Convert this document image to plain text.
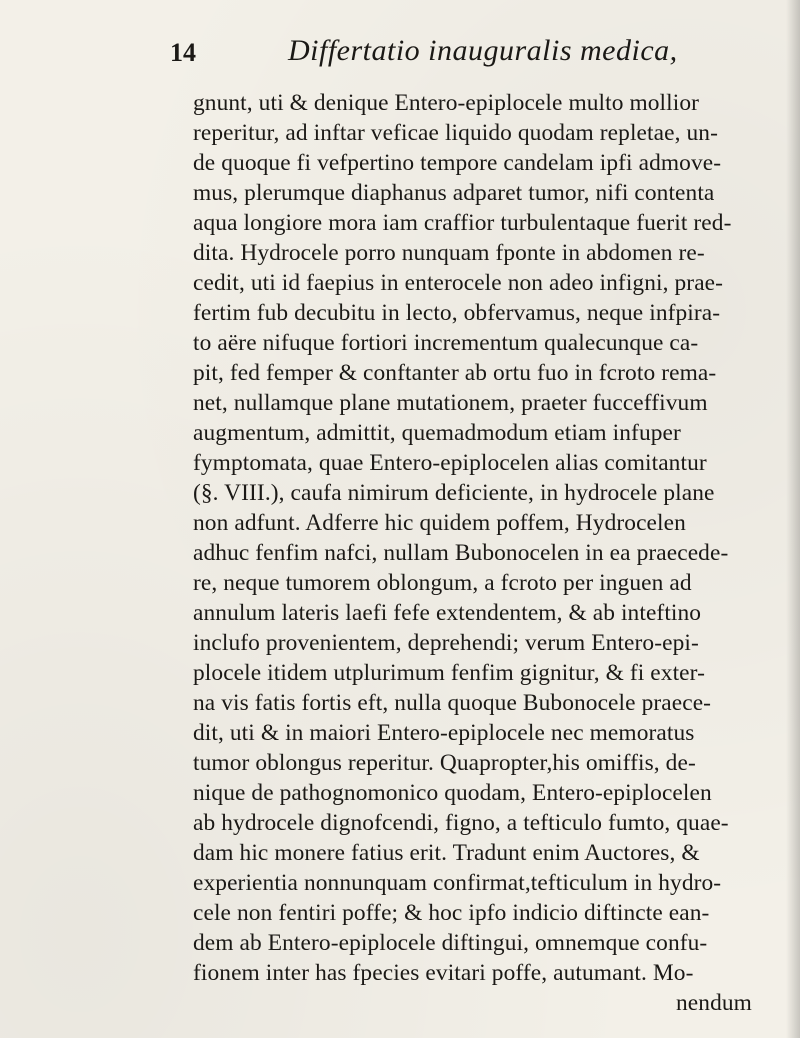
14	Differtatio inauguralis medica,
gnunt, uti & denique Entero-epiplocele multo mollior
reperitur, ad inftar veficae liquido quodam repletae, un-
de quoque fi vefpertino tempore candelam ipfi admove-
mus, plerumque diaphanus adparet tumor, nifi contenta
aqua longiore mora iam craffior turbulentaque fuerit red-
dita. Hydrocele porro nunquam fponte in abdomen re-
cedit, uti id faepius in enterocele non adeo infigni, prae-
fertim fub decubitu in lecto, obfervamus, neque infpira-
to aëre nifuque fortiori incrementum qualecunque ca-
pit, fed femper & conftanter ab ortu fuo in fcroto rema-
net, nullamque plane mutationem, praeter fucceffivum
augmentum, admittit, quemadmodum etiam infuper
fymptomata, quae Entero-epiplocelen alias comitantur
(§. VIII.), caufa nimirum deficiente, in hydrocele plane
non adfunt. Adferre hic quidem poffem, Hydrocelen
adhuc fenfim nafci, nullam Bubonocelen in ea praecede-
re, neque tumorem oblongum, a fcroto per inguen ad
annulum lateris laefi fefe extendentem, & ab inteftino
inclufo provenientem, deprehendi; verum Entero-epi-
plocele itidem utplurimum fenfim gignitur, & fi exter-
na vis fatis fortis eft, nulla quoque Bubonocele praece-
dit, uti & in maiori Entero-epiplocele nec memoratus
tumor oblongus reperitur. Quapropter,his omiffis, de-
nique de pathognomonico quodam, Entero-epiplocelen
ab hydrocele dignofcendi, figno, a tefticulo fumto, quae-
dam hic monere fatius erit. Tradunt enim Auctores, &
experientia nonnunquam confirmat,tefticulum in hydro-
cele non fentiri poffe; & hoc ipfo indicio diftincte ean-
dem ab Entero-epiplocele diftingui, omnemque confu-
fionem inter has fpecies evitari poffe, autumant. Mo-
nendum
